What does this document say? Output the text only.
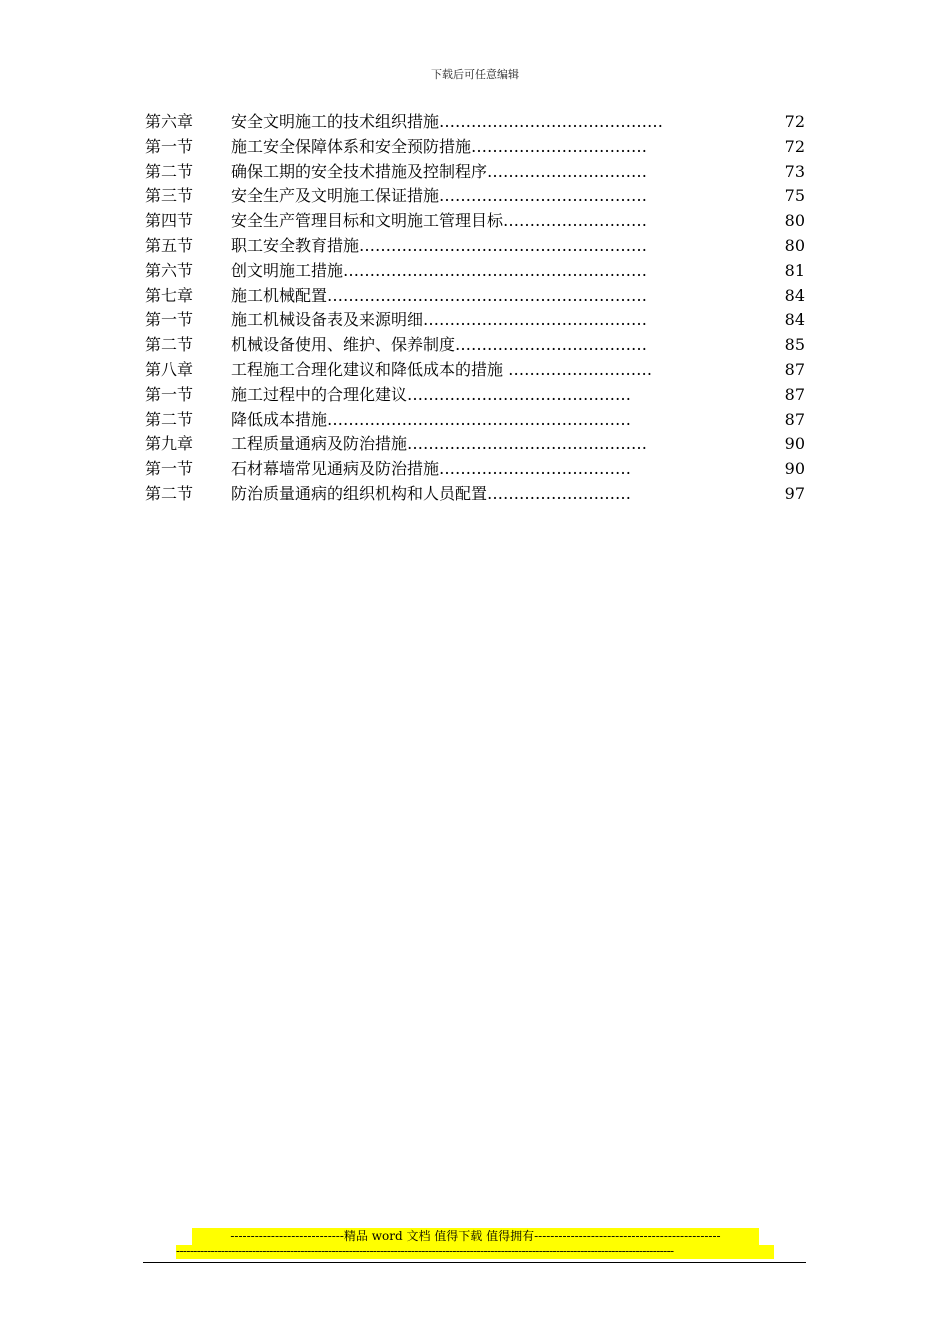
下载后可任意编辑
第六章 安全文明施工的技术组织措施……………………………………	72
第一节 施工安全保障体系和安全预防措施……………………………	72
第二节 确保工期的安全技术措施及控制程序…………………………	73
第三节 安全生产及文明施工保证措施…………………………………	75
第四节 安全生产管理目标和文明施工管理目标………………………	80
第五节 职工安全教育措施………………………………………………	80
第六节 创文明施工措施…………………………………………………	81
第七章 施工机械配置……………………………………………………	84
第一节 施工机械设备表及来源明细……………………………………	84
第二节 机械设备使用、维护、保养制度………………………………	85
第八章 工程施工合理化建议和降低成本的措施 ………………………	87
第一节 施工过程中的合理化建议……………………………………	87
第二节 降低成本措施…………………………………………………	87
第九章 工程质量通病及防治措施………………………………………	90
第一节 石材幕墙常见通病及防治措施………………………………	90
第二节 防治质量通病的组织机构和人员配置………………………	97
----------------------------精品 word 文档 值得下载 值得拥有----------------------------------------------
------------------------------------------------------------------------------------------------------------------------------------------------
